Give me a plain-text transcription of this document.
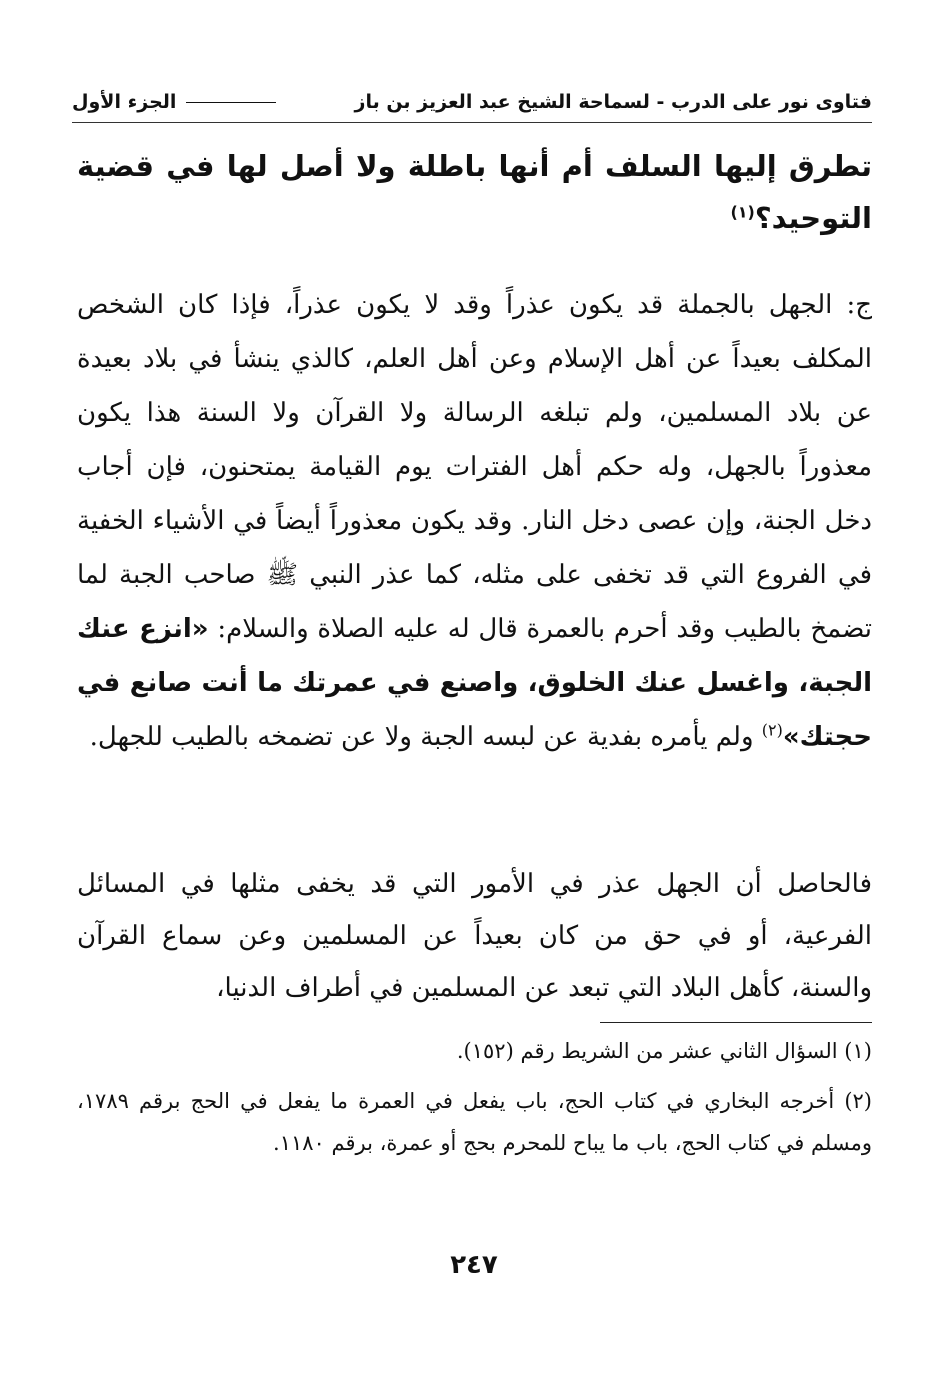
فتاوى نور على الدرب - لسماحة الشيخ عبد العزيز بن باز
الجزء الأول
تطرق إليها السلف أم أنها باطلة ولا أصل لها في قضية التوحيد؟$^{(١)}$
ج: الجهل بالجملة قد يكون عذراً وقد لا يكون عذراً، فإذا كان الشخص المكلف بعيداً عن أهل الإسلام وعن أهل العلم، كالذي ينشأ في بلاد بعيدة عن بلاد المسلمين، ولم تبلغه الرسالة ولا القرآن ولا السنة هذا يكون معذوراً بالجهل، وله حكم أهل الفترات يوم القيامة يمتحنون، فإن أجاب دخل الجنة، وإن عصى دخل النار. وقد يكون معذوراً أيضاً في الأشياء الخفية في الفروع التي قد تخفى على مثله، كما عذر النبي ﷺ صاحب الجبة لما تضمخ بالطيب وقد أحرم بالعمرة قال له عليه الصلاة والسلام: «انزع عنك الجبة، واغسل عنك الخلوق، واصنع في عمرتك ما أنت صانع في حجتك»$^{(٢)}$ ولم يأمره بفدية عن لبسه الجبة ولا عن تضمخه بالطيب للجهل.
فالحاصل أن الجهل عذر في الأمور التي قد يخفى مثلها في المسائل الفرعية، أو في حق من كان بعيداً عن المسلمين وعن سماع القرآن والسنة، كأهل البلاد التي تبعد عن المسلمين في أطراف الدنيا،

(١) السؤال الثاني عشر من الشريط رقم (١٥٢).

(٢) أخرجه البخاري في كتاب الحج، باب يفعل في العمرة ما يفعل في الحج برقم ١٧٨٩، ومسلم في كتاب الحج، باب ما يباح للمحرم بحج أو عمرة، برقم ١١٨٠.

٢٤٧
